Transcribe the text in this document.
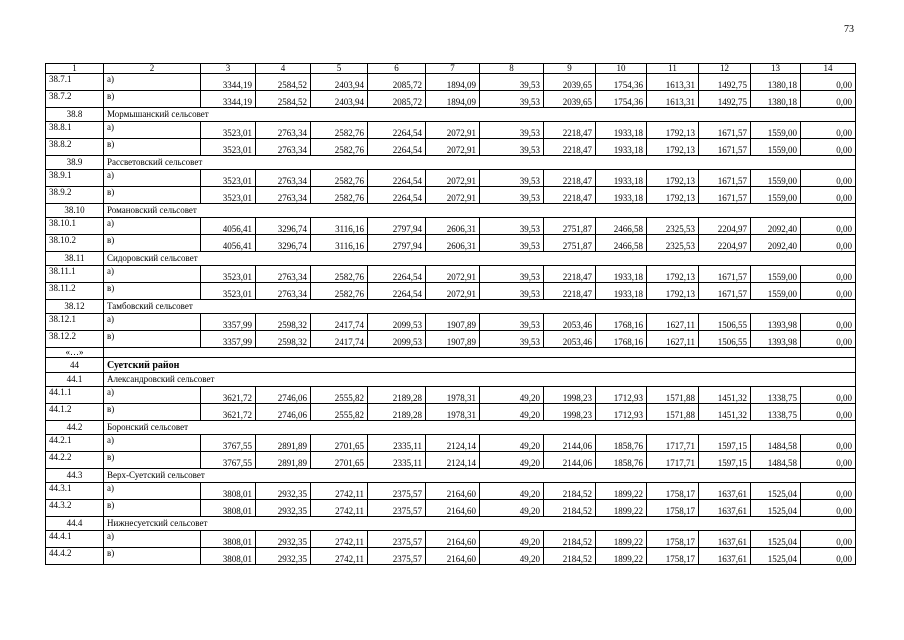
73
1	2	3	4	5	6	7	8	9	10	11	12	13	14
38.7.1	а)	3344,19	2584,52	2403,94	2085,72	1894,09	39,53	2039,65	1754,36	1613,31	1492,75	1380,18	0,00
38.7.2	в)	3344,19	2584,52	2403,94	2085,72	1894,09	39,53	2039,65	1754,36	1613,31	1492,75	1380,18	0,00
38.8	Мормышанский сельсовет												
38.8.1	а)	3523,01	2763,34	2582,76	2264,54	2072,91	39,53	2218,47	1933,18	1792,13	1671,57	1559,00	0,00
38.8.2	в)	3523,01	2763,34	2582,76	2264,54	2072,91	39,53	2218,47	1933,18	1792,13	1671,57	1559,00	0,00
38.9	Рассветовский сельсовет												
38.9.1	а)	3523,01	2763,34	2582,76	2264,54	2072,91	39,53	2218,47	1933,18	1792,13	1671,57	1559,00	0,00
38.9.2	в)	3523,01	2763,34	2582,76	2264,54	2072,91	39,53	2218,47	1933,18	1792,13	1671,57	1559,00	0,00
38.10	Романовский сельсовет												
38.10.1	а)	4056,41	3296,74	3116,16	2797,94	2606,31	39,53	2751,87	2466,58	2325,53	2204,97	2092,40	0,00
38.10.2	в)	4056,41	3296,74	3116,16	2797,94	2606,31	39,53	2751,87	2466,58	2325,53	2204,97	2092,40	0,00
38.11	Сидоровский сельсовет												
38.11.1	а)	3523,01	2763,34	2582,76	2264,54	2072,91	39,53	2218,47	1933,18	1792,13	1671,57	1559,00	0,00
38.11.2	в)	3523,01	2763,34	2582,76	2264,54	2072,91	39,53	2218,47	1933,18	1792,13	1671,57	1559,00	0,00
38.12	Тамбовский сельсовет												
38.12.1	а)	3357,99	2598,32	2417,74	2099,53	1907,89	39,53	2053,46	1768,16	1627,11	1506,55	1393,98	0,00
38.12.2	в)	3357,99	2598,32	2417,74	2099,53	1907,89	39,53	2053,46	1768,16	1627,11	1506,55	1393,98	0,00
«…»													
44	Суетский район												
44.1	Александровский сельсовет												
44.1.1	а)	3621,72	2746,06	2555,82	2189,28	1978,31	49,20	1998,23	1712,93	1571,88	1451,32	1338,75	0,00
44.1.2	в)	3621,72	2746,06	2555,82	2189,28	1978,31	49,20	1998,23	1712,93	1571,88	1451,32	1338,75	0,00
44.2	Боронский сельсовет												
44.2.1	а)	3767,55	2891,89	2701,65	2335,11	2124,14	49,20	2144,06	1858,76	1717,71	1597,15	1484,58	0,00
44.2.2	в)	3767,55	2891,89	2701,65	2335,11	2124,14	49,20	2144,06	1858,76	1717,71	1597,15	1484,58	0,00
44.3	Верх-Суетский сельсовет												
44.3.1	а)	3808,01	2932,35	2742,11	2375,57	2164,60	49,20	2184,52	1899,22	1758,17	1637,61	1525,04	0,00
44.3.2	в)	3808,01	2932,35	2742,11	2375,57	2164,60	49,20	2184,52	1899,22	1758,17	1637,61	1525,04	0,00
44.4	Нижнесуетский сельсовет												
44.4.1	а)	3808,01	2932,35	2742,11	2375,57	2164,60	49,20	2184,52	1899,22	1758,17	1637,61	1525,04	0,00
44.4.2	в)	3808,01	2932,35	2742,11	2375,57	2164,60	49,20	2184,52	1899,22	1758,17	1637,61	1525,04	0,00
